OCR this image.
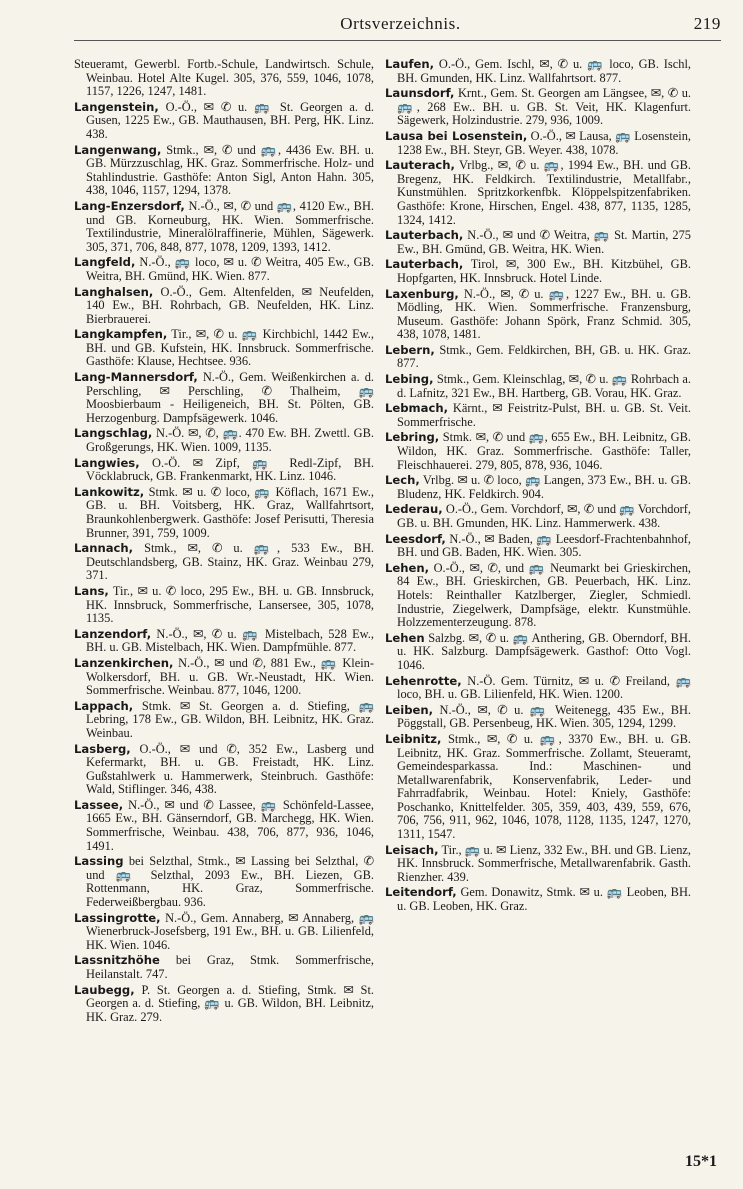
Ortsverzeichnis.	219

Steueramt, Gewerbl. Fortb.-Schule, Landwirtsch. Schule, Weinbau. Hotel Alte Kugel. 305, 376, 559, 1046, 1078, 1157, 1226, 1247, 1481.

Langenstein, O.-Ö., ✉ ✆ u. 🚌 St. Georgen a. d. Gusen, 1225 Ew., GB. Mauthausen, BH. Perg, HK. Linz. 438.

Langenwang, Stmk., ✉, ✆ und 🚌, 4436 Ew. BH. u. GB. Mürzzuschlag, HK. Graz. Sommerfrische. Holz- und Stahlindustrie. Gasthöfe: Anton Sigl, Anton Hahn. 305, 438, 1046, 1157, 1294, 1378.

Lang-Enzersdorf, N.-Ö., ✉, ✆ und 🚌, 4120 Ew., BH. und GB. Korneuburg, HK. Wien. Sommerfrische. Textilindustrie, Mineralölraffinerie, Mühlen, Sägewerk. 305, 371, 706, 848, 877, 1078, 1209, 1393, 1412.

Langfeld, N.-Ö., 🚌 loco, ✉ u. ✆ Weitra, 405 Ew., GB. Weitra, BH. Gmünd, HK. Wien. 877.

Langhalsen, O.-Ö., Gem. Altenfelden, ✉ Neufelden, 140 Ew., BH. Rohrbach, GB. Neufelden, HK. Linz. Bierbrauerei.

Langkampfen, Tir., ✉, ✆ u. 🚌 Kirchbichl, 1442 Ew., BH. und GB. Kufstein, HK. Innsbruck. Sommerfrische. Gasthöfe: Klause, Hechtsee. 936.

Lang-Mannersdorf, N.-Ö., Gem. Weißenkirchen a. d. Perschling, ✉ Perschling, ✆ Thalheim, 🚌 Moosbierbaum - Heiligeneich, BH. St. Pölten, GB. Herzogenburg. Dampfsägewerk. 1046.

Langschlag, N.-Ö. ✉, ✆, 🚌. 470 Ew. BH. Zwettl. GB. Großgerungs, HK. Wien. 1009, 1135.

Langwies, O.-Ö. ✉ Zipf, 🚌 Redl-Zipf, BH. Vöcklabruck, GB. Frankenmarkt, HK. Linz. 1046.

Lankowitz, Stmk. ✉ u. ✆ loco, 🚌 Köflach, 1671 Ew., GB. u. BH. Voitsberg, HK. Graz, Wallfahrtsort, Braunkohlenbergwerk. Gasthöfe: Josef Perisutti, Theresia Brunner, 391, 759, 1009.

Lannach, Stmk., ✉, ✆ u. 🚌, 533 Ew., BH. Deutschlandsberg, GB. Stainz, HK. Graz. Weinbau 279, 371.

Lans, Tir., ✉ u. ✆ loco, 295 Ew., BH. u. GB. Innsbruck, HK. Innsbruck, Sommerfrische, Lansersee, 305, 1078, 1135.

Lanzendorf, N.-Ö., ✉, ✆ u. 🚌 Mistelbach, 528 Ew., BH. u. GB. Mistelbach, HK. Wien. Dampfmühle. 877.

Lanzenkirchen, N.-Ö., ✉ und ✆, 881 Ew., 🚌 Klein-Wolkersdorf, BH. u. GB. Wr.-Neustadt, HK. Wien. Sommerfrische. Weinbau. 877, 1046, 1200.

Lappach, Stmk. ✉ St. Georgen a. d. Stiefing, 🚌 Lebring, 178 Ew., GB. Wildon, BH. Leibnitz, HK. Graz. Weinbau.

Lasberg, O.-Ö., ✉ und ✆, 352 Ew., Lasberg und Kefermarkt, BH. u. GB. Freistadt, HK. Linz. Gußstahlwerk u. Hammerwerk, Steinbruch. Gasthöfe: Wald, Stiflinger. 346, 438.

Lassee, N.-Ö., ✉ und ✆ Lassee, 🚌 Schönfeld-Lassee, 1665 Ew., BH. Gänserndorf, GB. Marchegg, HK. Wien. Sommerfrische, Weinbau. 438, 706, 877, 936, 1046, 1491.

Lassing bei Selzthal, Stmk., ✉ Lassing bei Selzthal, ✆ und 🚌 Selzthal, 2093 Ew., BH. Liezen, GB. Rottenmann, HK. Graz, Sommerfrische. Federweißbergbau. 936.

Lassingrotte, N.-Ö., Gem. Annaberg, ✉ Annaberg, 🚌 Wienerbruck-Josefsberg, 191 Ew., BH. u. GB. Lilienfeld, HK. Wien. 1046.

Lassnitzhöhe bei Graz, Stmk. Sommerfrische, Heilanstalt. 747.

Laubegg, P. St. Georgen a. d. Stiefing, Stmk. ✉ St. Georgen a. d. Stiefing, 🚌 u. GB. Wildon, BH. Leibnitz, HK. Graz. 279.

Laufen, O.-Ö., Gem. Ischl, ✉, ✆ u. 🚌 loco, GB. Ischl, BH. Gmunden, HK. Linz. Wallfahrtsort. 877.

Launsdorf, Krnt., Gem. St. Georgen am Längsee, ✉, ✆ u. 🚌, 268 Ew.. BH. u. GB. St. Veit, HK. Klagenfurt. Sägewerk, Holzindustrie. 279, 936, 1009.

Lausa bei Losenstein, O.-Ö., ✉ Lausa, 🚌 Losenstein, 1238 Ew., BH. Steyr, GB. Weyer. 438, 1078.

Lauterach, Vrlbg., ✉, ✆ u. 🚌, 1994 Ew., BH. und GB. Bregenz, HK. Feldkirch. Textilindustrie, Metallfabr., Kunstmühlen. Spritzkorkenfbk. Klöppelspitzenfabriken. Gasthöfe: Krone, Hirschen, Engel. 438, 877, 1135, 1285, 1324, 1412.

Lauterbach, N.-Ö., ✉ und ✆ Weitra, 🚌 St. Martin, 275 Ew., BH. Gmünd, GB. Weitra, HK. Wien.

Lauterbach, Tirol, ✉, 300 Ew., BH. Kitzbühel, GB. Hopfgarten, HK. Innsbruck. Hotel Linde.

Laxenburg, N.-Ö., ✉, ✆ u. 🚌, 1227 Ew., BH. u. GB. Mödling, HK. Wien. Sommerfrische. Franzensburg, Museum. Gasthöfe: Johann Spörk, Franz Schmid. 305, 438, 1078, 1481.

Lebern, Stmk., Gem. Feldkirchen, BH, GB. u. HK. Graz. 877.

Lebing, Stmk., Gem. Kleinschlag, ✉, ✆ u. 🚌 Rohrbach a. d. Lafnitz, 321 Ew., BH. Hartberg, GB. Vorau, HK. Graz.

Lebmach, Kärnt., ✉ Feistritz-Pulst, BH. u. GB. St. Veit. Sommerfrische.

Lebring, Stmk. ✉, ✆ und 🚌, 655 Ew., BH. Leibnitz, GB. Wildon, HK. Graz. Sommerfrische. Gasthöfe: Taller, Fleischhauerei. 279, 805, 878, 936, 1046.

Lech, Vrlbg. ✉ u. ✆ loco, 🚌 Langen, 373 Ew., BH. u. GB. Bludenz, HK. Feldkirch. 904.

Lederau, O.-Ö., Gem. Vorchdorf, ✉, ✆ und 🚌 Vorchdorf, GB. u. BH. Gmunden, HK. Linz. Hammerwerk. 438.

Leesdorf, N.-Ö., ✉ Baden, 🚌 Leesdorf-Frachtenbahnhof, BH. und GB. Baden, HK. Wien. 305.

Lehen, O.-Ö., ✉, ✆, und 🚌 Neumarkt bei Grieskirchen, 84 Ew., BH. Grieskirchen, GB. Peuerbach, HK. Linz. Hotels: Reinthaller Katzlberger, Ziegler, Schmiedl. Industrie, Ziegelwerk, Dampfsäge, elektr. Kunstmühle. Holzzementerzeugung. 878.

Lehen Salzbg. ✉, ✆ u. 🚌 Anthering, GB. Oberndorf, BH. u. HK. Salzburg. Dampfsägewerk. Gasthof: Otto Vogl. 1046.

Lehenrotte, N.-Ö. Gem. Türnitz, ✉ u. ✆ Freiland, 🚌 loco, BH. u. GB. Lilienfeld, HK. Wien. 1200.

Leiben, N.-Ö., ✉, ✆ u. 🚌 Weitenegg, 435 Ew., BH. Pöggstall, GB. Persenbeug, HK. Wien. 305, 1294, 1299.

Leibnitz, Stmk., ✉, ✆ u. 🚌, 3370 Ew., BH. u. GB. Leibnitz, HK. Graz. Sommerfrische. Zollamt, Steueramt, Gemeindesparkassa. Ind.: Maschinen- und Metallwarenfabrik, Konservenfabrik, Leder- und Fahrradfabrik, Weinbau. Hotel: Kniely, Gasthöfe: Poschanko, Knittelfelder. 305, 359, 403, 439, 559, 676, 706, 756, 911, 962, 1046, 1078, 1128, 1135, 1247, 1270, 1311, 1547.

Leisach, Tir., 🚌 u. ✉ Lienz, 332 Ew., BH. und GB. Lienz, HK. Innsbruck. Sommerfrische, Metallwarenfabrik. Gasth. Rienzher. 439.

Leitendorf, Gem. Donawitz, Stmk. ✉ u. 🚌 Leoben, BH. u. GB. Leoben, HK. Graz.

15*1
